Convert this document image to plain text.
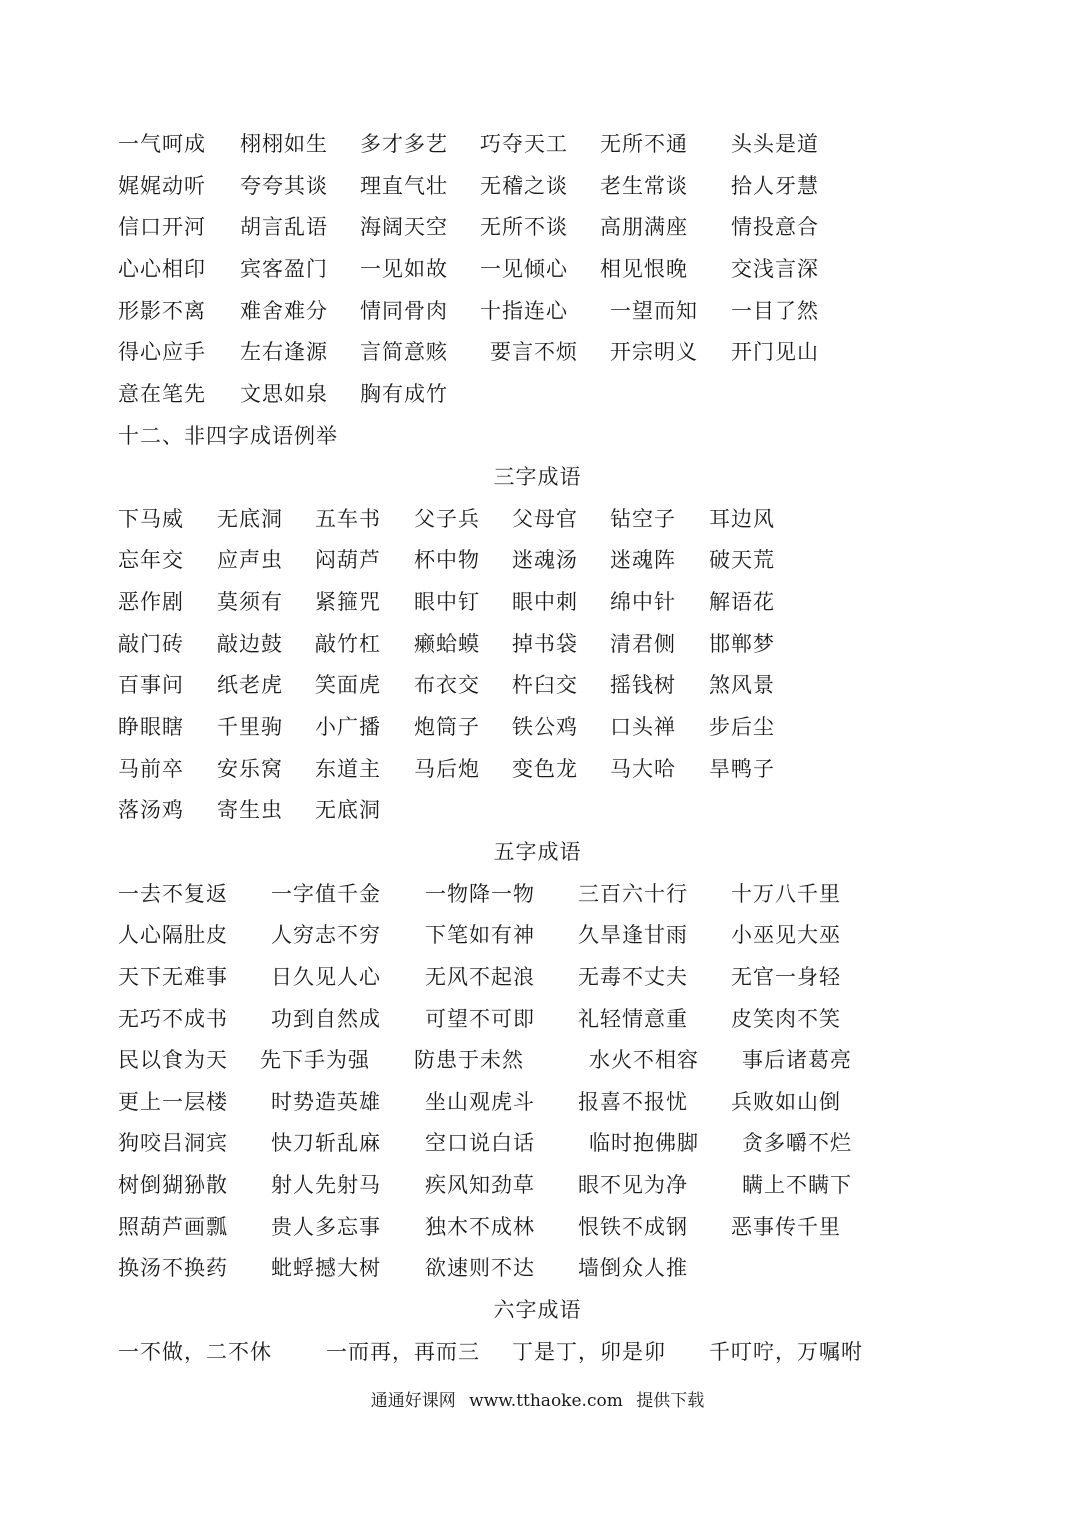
一气呵成 栩栩如生 多才多艺 巧夺天工 无所不通 头头是道
娓娓动听 夸夸其谈 理直气壮 无稽之谈 老生常谈 拾人牙慧
信口开河 胡言乱语 海阔天空 无所不谈 高朋满座 情投意合
心心相印 宾客盈门 一见如故 一见倾心 相见恨晚 交浅言深
形影不离 难舍难分 情同骨肉 十指连心 一望而知 一目了然
得心应手 左右逢源 言简意赅 要言不烦 开宗明义 开门见山
意在笔先 文思如泉 胸有成竹
十二、非四字成语例举
三字成语
下马威 无底洞 五车书 父子兵 父母官 钻空子 耳边风
忘年交 应声虫 闷葫芦 杯中物 迷魂汤 迷魂阵 破天荒
恶作剧 莫须有 紧箍咒 眼中钉 眼中刺 绵中针 解语花
敲门砖 敲边鼓 敲竹杠 癞蛤蟆 掉书袋 清君侧 邯郸梦
百事问 纸老虎 笑面虎 布衣交 杵臼交 摇钱树 煞风景
睁眼瞎 千里驹 小广播 炮筒子 铁公鸡 口头禅 步后尘
马前卒 安乐窝 东道主 马后炮 变色龙 马大哈 旱鸭子
落汤鸡 寄生虫 无底洞
五字成语
一去不复返 一字值千金 一物降一物 三百六十行 十万八千里
人心隔肚皮 人穷志不穷 下笔如有神 久旱逢甘雨 小巫见大巫
天下无难事 日久见人心 无风不起浪 无毒不丈夫 无官一身轻
无巧不成书 功到自然成 可望不可即 礼轻情意重 皮笑肉不笑
民以食为天 先下手为强 防患于未然	水火不相容 事后诸葛亮
更上一层楼 时势造英雄 坐山观虎斗 报喜不报忧 兵败如山倒
狗咬吕洞宾 快刀斩乱麻 空口说白话	临时抱佛脚 贪多嚼不烂
树倒猢狲散 射人先射马 疾风知劲草 眼不见为净	瞒上不瞒下
照葫芦画瓢 贵人多忘事 独木不成林 恨铁不成钢 恶事传千里
换汤不换药 蚍蜉撼大树 欲速则不达 墙倒众人推
六字成语
一不做，二不休	一而再，再而三 丁是丁，卯是卯 千叮咛，万嘱咐
通通好课网 www.tthaoke.com 提供下载
